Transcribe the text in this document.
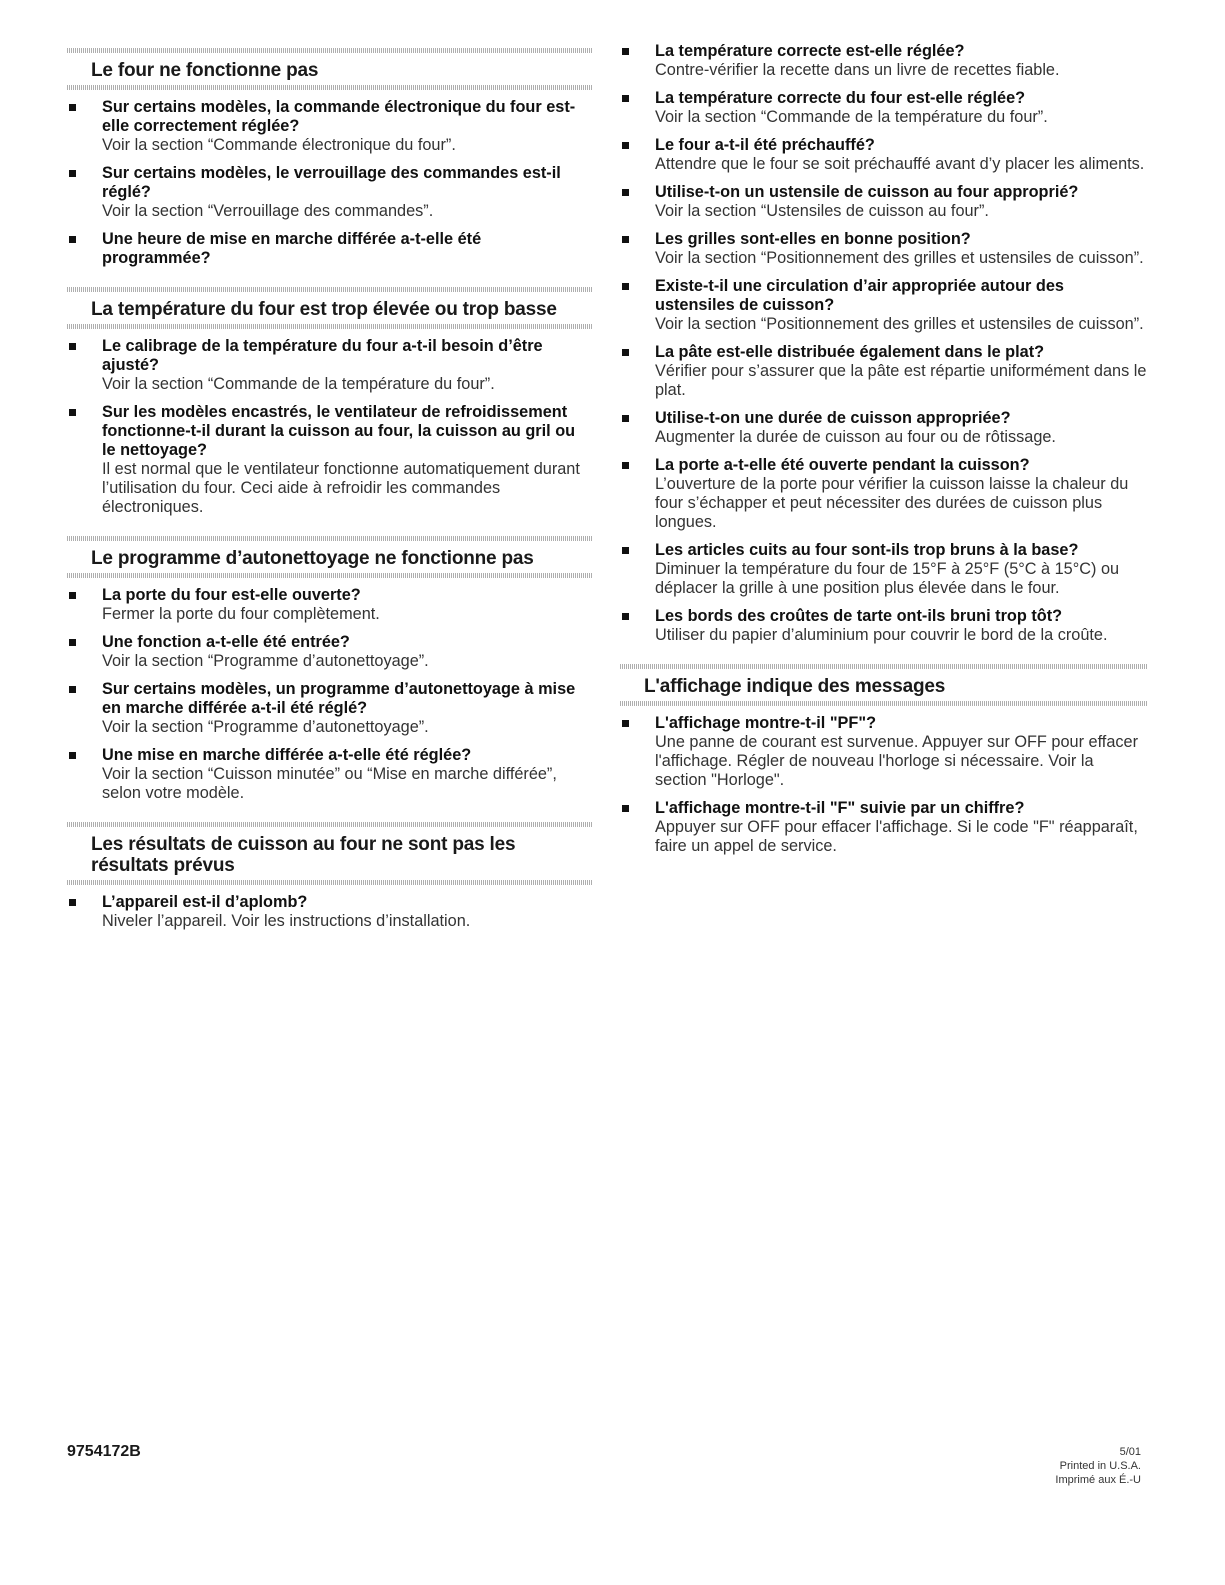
Le four ne fonctionne pas
Sur certains modèles, la commande électronique du four est-elle correctement réglée?
Voir la section “Commande électronique du four”.
Sur certains modèles, le verrouillage des commandes est-il réglé?
Voir la section “Verrouillage des commandes”.
Une heure de mise en marche différée a-t-elle été programmée?
La température du four est trop élevée ou trop basse
Le calibrage de la température du four a-t-il besoin d’être ajusté?
Voir la section “Commande de la température du four”.
Sur les modèles encastrés, le ventilateur de refroidissement fonctionne-t-il durant la cuisson au four, la cuisson au gril ou le nettoyage?
Il est normal que le ventilateur fonctionne automatiquement durant l’utilisation du four. Ceci aide à refroidir les commandes électroniques.
Le programme d’autonettoyage ne fonctionne pas
La porte du four est-elle ouverte?
Fermer la porte du four complètement.
Une fonction a-t-elle été entrée?
Voir la section “Programme d’autonettoyage”.
Sur certains modèles, un programme d’autonettoyage à mise en marche différée a-t-il été réglé?
Voir la section “Programme d’autonettoyage”.
Une mise en marche différée a-t-elle été réglée?
Voir la section “Cuisson minutée” ou “Mise en marche différée”, selon votre modèle.
Les résultats de cuisson au four ne sont pas les résultats prévus
L’appareil est-il d’aplomb?
Niveler l’appareil. Voir les instructions d’installation.
La température correcte est-elle réglée?
Contre-vérifier la recette dans un livre de recettes fiable.
La température correcte du four est-elle réglée?
Voir la section “Commande de la température du four”.
Le four a-t-il été préchauffé?
Attendre que le four se soit préchauffé avant d’y placer les aliments.
Utilise-t-on un ustensile de cuisson au four approprié?
Voir la section “Ustensiles de cuisson au four”.
Les grilles sont-elles en bonne position?
Voir la section “Positionnement des grilles et ustensiles de cuisson”.
Existe-t-il une circulation d’air appropriée autour des ustensiles de cuisson?
Voir la section “Positionnement des grilles et ustensiles de cuisson”.
La pâte est-elle distribuée également dans le plat?
Vérifier pour s’assurer que la pâte est répartie uniformément dans le plat.
Utilise-t-on une durée de cuisson appropriée?
Augmenter la durée de cuisson au four ou de rôtissage.
La porte a-t-elle été ouverte pendant la cuisson?
L’ouverture de la porte pour vérifier la cuisson laisse la chaleur du four s’échapper et peut nécessiter des durées de cuisson plus longues.
Les articles cuits au four sont-ils trop bruns à la base?
Diminuer la température du four de 15°F à 25°F (5°C à 15°C) ou déplacer la grille à une position plus élevée dans le four.
Les bords des croûtes de tarte ont-ils bruni trop tôt?
Utiliser du papier d’aluminium pour couvrir le bord de la croûte.
L'affichage indique des messages
L'affichage montre-t-il "PF"?
Une panne de courant est survenue. Appuyer sur OFF pour effacer l'affichage. Régler de nouveau l'horloge si nécessaire. Voir la section "Horloge".
L'affichage montre-t-il "F" suivie par un chiffre?
Appuyer sur OFF pour effacer l'affichage. Si le code "F" réapparaît, faire un appel de service.
9754172B	5/01
Printed in U.S.A.
Imprimé aux É.-U
